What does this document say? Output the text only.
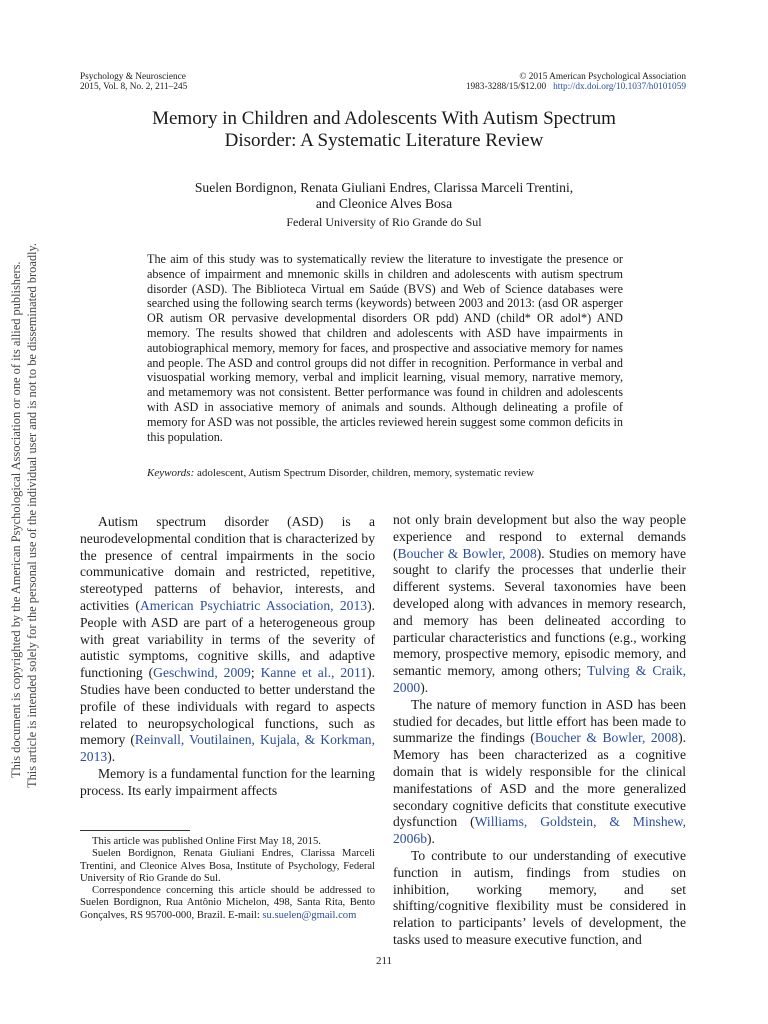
Psychology & Neuroscience
2015, Vol. 8, No. 2, 211–245
© 2015 American Psychological Association
1983-3288/15/$12.00 http://dx.doi.org/10.1037/h0101059
Memory in Children and Adolescents With Autism Spectrum
Disorder: A Systematic Literature Review
Suelen Bordignon, Renata Giuliani Endres, Clarissa Marceli Trentini,
and Cleonice Alves Bosa
Federal University of Rio Grande do Sul
The aim of this study was to systematically review the literature to investigate the presence or absence of impairment and mnemonic skills in children and adolescents with autism spectrum disorder (ASD). The Biblioteca Virtual em Saúde (BVS) and Web of Science databases were searched using the following search terms (keywords) between 2003 and 2013: (asd OR asperger OR autism OR pervasive developmental disorders OR pdd) AND (child* OR adol*) AND memory. The results showed that children and adolescents with ASD have impairments in autobiographical memory, memory for faces, and prospective and associative memory for names and people. The ASD and control groups did not differ in recognition. Performance in verbal and visuospatial working memory, verbal and implicit learning, visual memory, narrative memory, and metamemory was not consistent. Better performance was found in children and adolescents with ASD in associative memory of animals and sounds. Although delineating a profile of memory for ASD was not possible, the articles reviewed herein suggest some common deficits in this population.
Keywords: adolescent, Autism Spectrum Disorder, children, memory, systematic review

Autism spectrum disorder (ASD) is a neurodevelopmental condition that is characterized by the presence of central impairments in the socio communicative domain and restricted, repetitive, stereotyped patterns of behavior, interests, and activities (American Psychiatric Association, 2013). People with ASD are part of a heterogeneous group with great variability in terms of the severity of autistic symptoms, cognitive skills, and adaptive functioning (Geschwind, 2009; Kanne et al., 2011). Studies have been conducted to better understand the profile of these individuals with regard to aspects related to neuropsychological functions, such as memory (Reinvall, Voutilainen, Kujala, & Korkman, 2013).

Memory is a fundamental function for the learning process. Its early impairment affects

not only brain development but also the way people experience and respond to external demands (Boucher & Bowler, 2008). Studies on memory have sought to clarify the processes that underlie their different systems. Several taxonomies have been developed along with advances in memory research, and memory has been delineated according to particular characteristics and functions (e.g., working memory, prospective memory, episodic memory, and semantic memory, among others; Tulving & Craik, 2000).

The nature of memory function in ASD has been studied for decades, but little effort has been made to summarize the findings (Boucher & Bowler, 2008). Memory has been characterized as a cognitive domain that is widely responsible for the clinical manifestations of ASD and the more generalized secondary cognitive deficits that constitute executive dysfunction (Williams, Goldstein, & Minshew, 2006b).

To contribute to our understanding of executive function in autism, findings from studies on inhibition, working memory, and set shifting/cognitive flexibility must be considered in relation to participants’ levels of development, the tasks used to measure executive function, and

This article was published Online First May 18, 2015.

Suelen Bordignon, Renata Giuliani Endres, Clarissa Marceli Trentini, and Cleonice Alves Bosa, Institute of Psychology, Federal University of Rio Grande do Sul.

Correspondence concerning this article should be addressed to Suelen Bordignon, Rua Antônio Michelon, 498, Santa Rita, Bento Gonçalves, RS 95700-000, Brazil. E-mail: su.suelen@gmail.com

211
This document is copyrighted by the American Psychological Association or one of its allied publishers. This article is intended solely for the personal use of the individual user and is not to be disseminated broadly.
